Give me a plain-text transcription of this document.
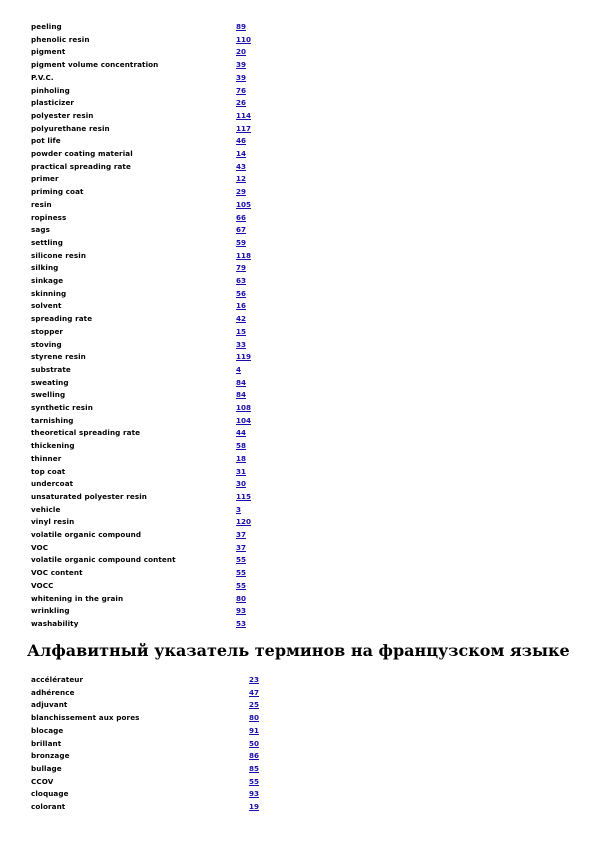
peeling	89
phenolic resin	110
pigment	20
pigment volume concentration	39
P.V.C.	39
pinholing	76
plasticizer	26
polyester resin	114
polyurethane resin	117
pot life	46
powder coating material	14
practical spreading rate	43
primer	12
priming coat	29
resin	105
ropiness	66
sags	67
settling	59
silicone resin	118
silking	79
sinkage	63
skinning	56
solvent	16
spreading rate	42
stopper	15
stoving	33
styrene resin	119
substrate	4
sweating	84
swelling	84
synthetic resin	108
tarnishing	104
theoretical spreading rate	44
thickening	58
thinner	18
top coat	31
undercoat	30
unsaturated polyester resin	115
vehicle	3
vinyl resin	120
volatile organic compound	37
VOC	37
volatile organic compound content	55
VOC content	55
VOCC	55
whitening in the grain	80
wrinkling	93
washability	53
Алфавитный указатель терминов на французском языке
accélérateur	23
adhérence	47
adjuvant	25
blanchissement aux pores	80
blocage	91
brillant	50
bronzage	86
bullage	85
CCOV	55
cloquage	93
colorant	19
